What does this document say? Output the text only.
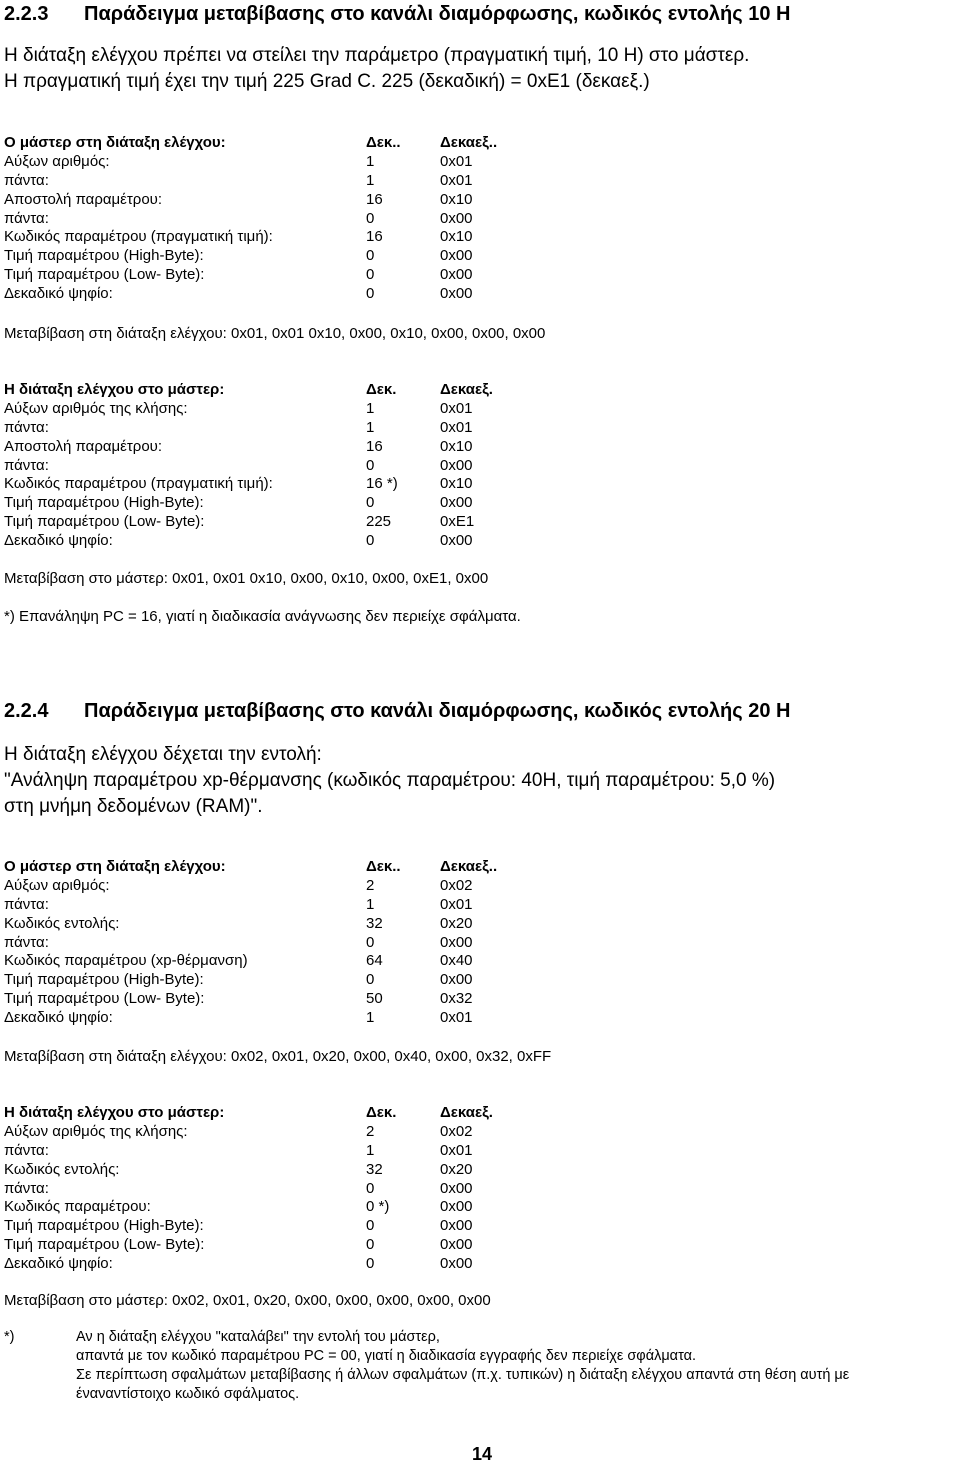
2.2.3 Παράδειγμα μεταβίβασης στο κανάλι διαμόρφωσης, κωδικός εντολής 10 H
Η διάταξη ελέγχου πρέπει να στείλει την παράμετρο (πραγματική τιμή, 10 H) στο μάστερ.
Η πραγματική τιμή έχει την τιμή 225 Grad C. 225 (δεκαδική) = 0xE1 (δεκαεξ.)
Ο μάστερ στη διάταξη ελέγχου:	Δεκ..	Δεκαεξ..
Αύξων αριθμός:	1	0x01
πάντα:	1	0x01
Αποστολή παραμέτρου:	16	0x10
πάντα:	0	0x00
Κωδικός παραμέτρου (πραγματική τιμή):	16	0x10
Τιμή παραμέτρου (High-Byte):	0	0x00
Τιμή παραμέτρου (Low- Byte):	0	0x00
Δεκαδικό ψηφίο:	0	0x00
Μεταβίβαση στη διάταξη ελέγχου: 0x01, 0x01 0x10, 0x00, 0x10, 0x00, 0x00, 0x00
Η διάταξη ελέγχου στο μάστερ:	Δεκ.	Δεκαεξ.
Αύξων αριθμός της κλήσης:	1	0x01
πάντα:	1	0x01
Αποστολή παραμέτρου:	16	0x10
πάντα:	0	0x00
Κωδικός παραμέτρου (πραγματική τιμή):	16 *)	0x10
Τιμή παραμέτρου (High-Byte):	0	0x00
Τιμή παραμέτρου (Low- Byte):	225	0xE1
Δεκαδικό ψηφίο:	0	0x00
Μεταβίβαση στο μάστερ: 0x01, 0x01 0x10, 0x00, 0x10, 0x00, 0xE1, 0x00
*) Επανάληψη PC = 16, γιατί η διαδικασία ανάγνωσης δεν περιείχε σφάλματα.
2.2.4 Παράδειγμα μεταβίβασης στο κανάλι διαμόρφωσης, κωδικός εντολής 20 H
Η διάταξη ελέγχου δέχεται την εντολή:
"Ανάληψη παραμέτρου xp-θέρμανσης (κωδικός παραμέτρου: 40H, τιμή παραμέτρου: 5,0 %)
στη μνήμη δεδομένων (RAM)".
Ο μάστερ στη διάταξη ελέγχου:	Δεκ..	Δεκαεξ..
Αύξων αριθμός:	2	0x02
πάντα:	1	0x01
Κωδικός εντολής:	32	0x20
πάντα:	0	0x00
Κωδικός παραμέτρου (xp-θέρμανση)	64	0x40
Τιμή παραμέτρου (High-Byte):	0	0x00
Τιμή παραμέτρου (Low- Byte):	50	0x32
Δεκαδικό ψηφίο:	1	0x01
Μεταβίβαση στη διάταξη ελέγχου: 0x02, 0x01, 0x20, 0x00, 0x40, 0x00, 0x32, 0xFF
Η διάταξη ελέγχου στο μάστερ:	Δεκ.	Δεκαεξ.
Αύξων αριθμός της κλήσης:	2	0x02
πάντα:	1	0x01
Κωδικός εντολής:	32	0x20
πάντα:	0	0x00
Κωδικός παραμέτρου:	0 *)	0x00
Τιμή παραμέτρου (High-Byte):	0	0x00
Τιμή παραμέτρου (Low- Byte):	0	0x00
Δεκαδικό ψηφίο:	0	0x00
Μεταβίβαση στο μάστερ: 0x02, 0x01, 0x20, 0x00, 0x00, 0x00, 0x00, 0x00
*)	Αν η διάταξη ελέγχου "καταλάβει" την εντολή του μάστερ,
απαντά με τον κωδικό παραμέτρου PC = 00, γιατί η διαδικασία εγγραφής δεν περιείχε σφάλματα.
Σε περίπτωση σφαλμάτων μεταβίβασης ή άλλων σφαλμάτων (π.χ. τυπικών) η διάταξη ελέγχου απαντά στη θέση αυτή με
έναναντίστοιχο κωδικό σφάλματος.
14
